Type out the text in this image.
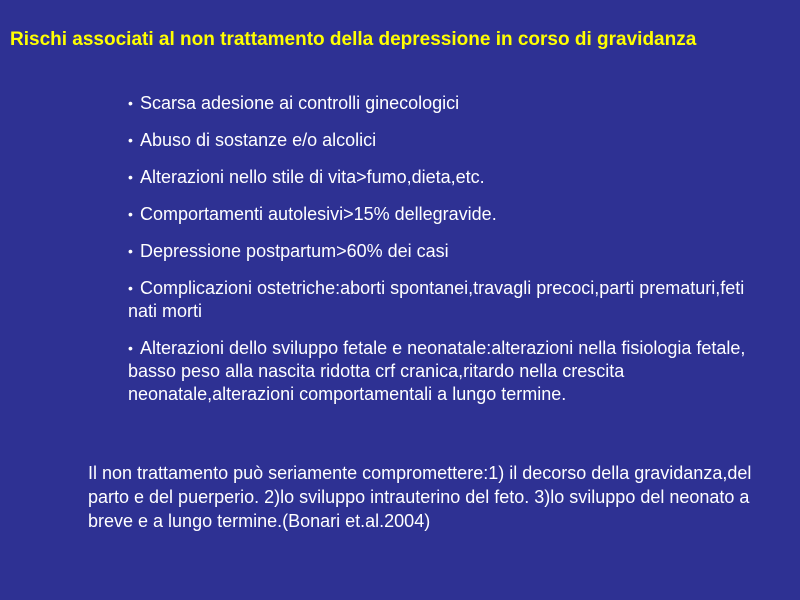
Rischi associati al non trattamento della depressione in corso di gravidanza
• Scarsa adesione ai controlli ginecologici
• Abuso di sostanze e/o alcolici
• Alterazioni nello stile di vita>fumo,dieta,etc.
• Comportamenti autolesivi>15% dellegravide.
• Depressione postpartum>60% dei casi
• Complicazioni ostetriche:aborti spontanei,travagli precoci,parti prematuri,feti nati morti
• Alterazioni dello sviluppo fetale e neonatale:alterazioni nella fisiologia fetale, basso peso alla nascita ridotta crf cranica,ritardo nella crescita neonatale,alterazioni comportamentali a lungo termine.

Il non trattamento può seriamente compromettere:1) il decorso della gravidanza,del parto e del puerperio. 2)lo sviluppo intrauterino del feto. 3)lo sviluppo del neonato a breve e a lungo termine.(Bonari et.al.2004)
